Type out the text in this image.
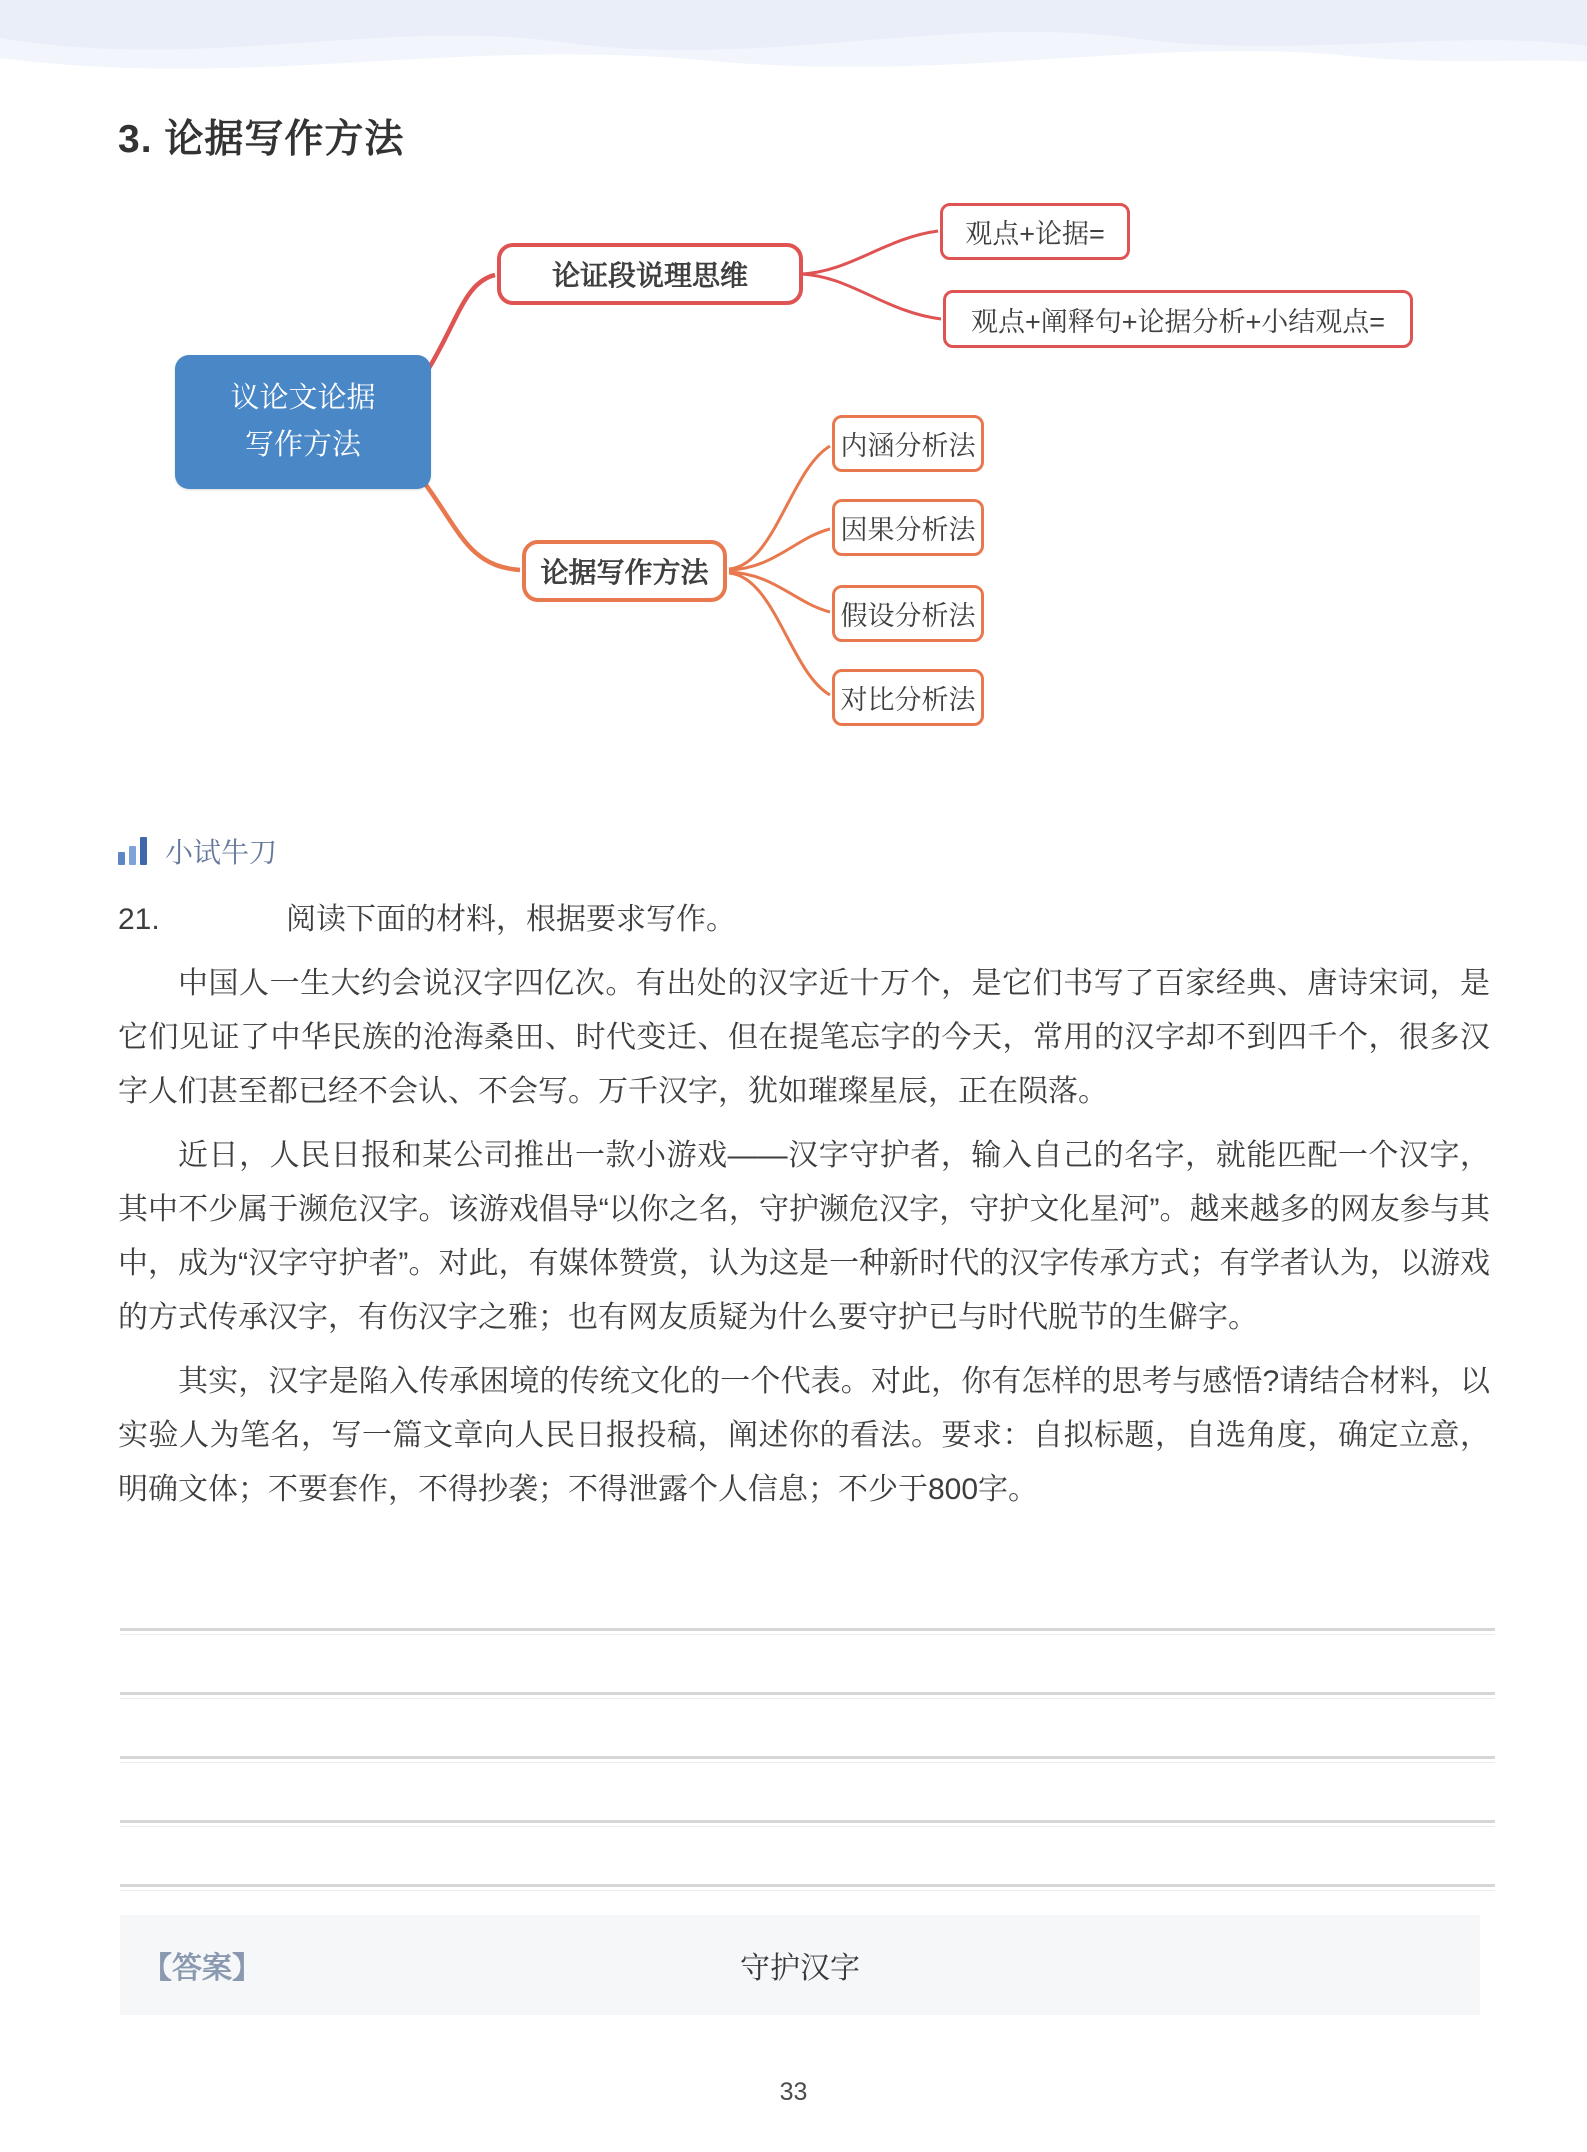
3. 论据写作方法
议论文论据
写作方法
论证段说理思维
观点+论据=
观点+阐释句+论据分析+小结观点=
论据写作方法
内涵分析法
因果分析法
假设分析法
对比分析法
小试牛刀
21.	阅读下面的材料，根据要求写作。

中国人一生大约会说汉字四亿次。有出处的汉字近十万个，是它们书写了百家经典、唐诗宋词，是它们见证了中华民族的沧海桑田、时代变迁、但在提笔忘字的今天，常用的汉字却不到四千个，很多汉字人们甚至都已经不会认、不会写。万千汉字，犹如璀璨星辰，正在陨落。

近日，人民日报和某公司推出一款小游戏——汉字守护者，输入自己的名字，就能匹配一个汉字，其中不少属于濒危汉字。该游戏倡导“以你之名，守护濒危汉字，守护文化星河”。越来越多的网友参与其中，成为“汉字守护者”。对此，有媒体赞赏，认为这是一种新时代的汉字传承方式；有学者认为，以游戏的方式传承汉字，有伤汉字之雅；也有网友质疑为什么要守护已与时代脱节的生僻字。

其实，汉字是陷入传承困境的传统文化的一个代表。对此，你有怎样的思考与感悟?请结合材料，以实验人为笔名，写一篇文章向人民日报投稿，阐述你的看法。要求：自拟标题，自选角度，确定立意，明确文体；不要套作，不得抄袭；不得泄露个人信息；不少于800字。

【答案】	守护汉字
33
